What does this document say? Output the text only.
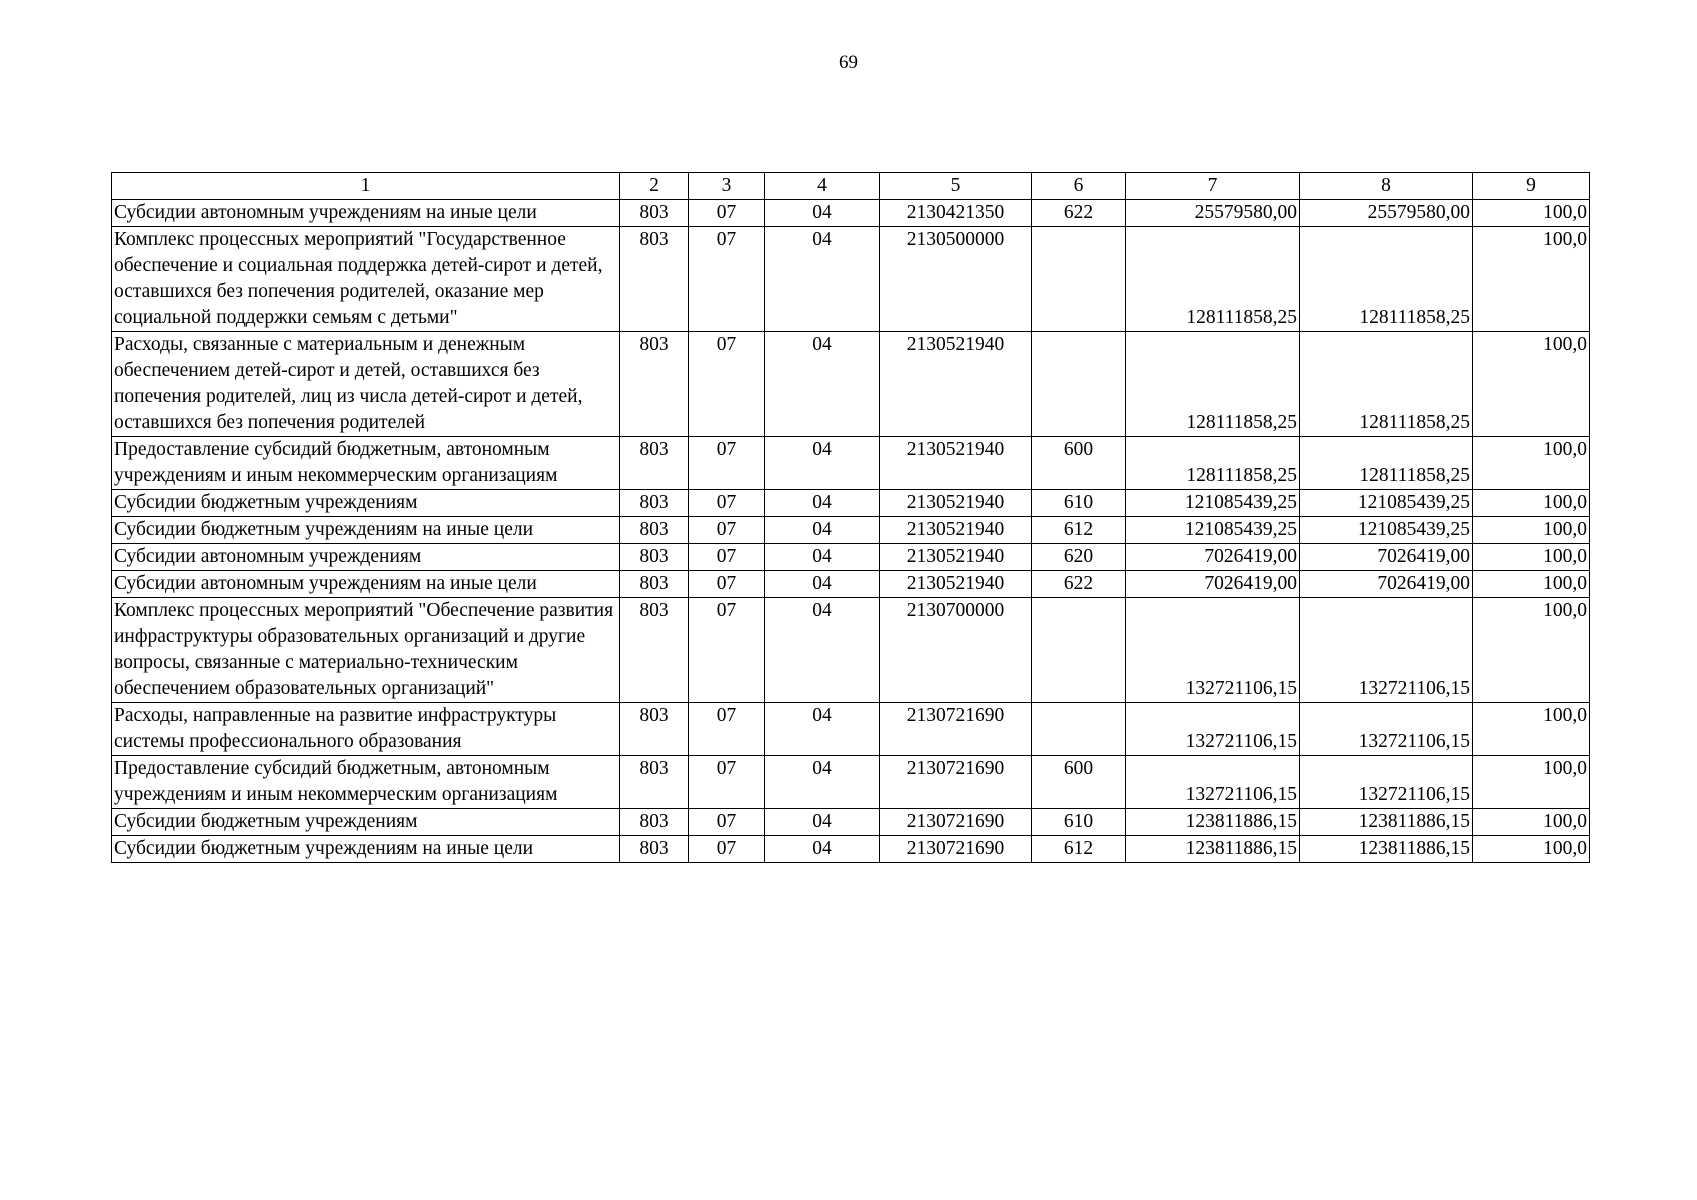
69
1	2	3	4	5	6	7	8	9
Субсидии автономным учреждениям на иные цели	803	07	04	2130421350	622	25579580,00	25579580,00	100,0
Комплекс процессных мероприятий "Государственное обеспечение и социальная поддержка детей-сирот и детей, оставшихся без попечения родителей, оказание мер социальной поддержки семьям с детьми"	803	07	04	2130500000		128111858,25	128111858,25	100,0
Расходы, связанные с материальным и денежным обеспечением детей-сирот и детей, оставшихся без попечения родителей, лиц из числа детей-сирот и детей, оставшихся без попечения родителей	803	07	04	2130521940		128111858,25	128111858,25	100,0
Предоставление субсидий бюджетным, автономным учреждениям и иным некоммерческим организациям	803	07	04	2130521940	600	128111858,25	128111858,25	100,0
Субсидии бюджетным учреждениям	803	07	04	2130521940	610	121085439,25	121085439,25	100,0
Субсидии бюджетным учреждениям на иные цели	803	07	04	2130521940	612	121085439,25	121085439,25	100,0
Субсидии автономным учреждениям	803	07	04	2130521940	620	7026419,00	7026419,00	100,0
Субсидии автономным учреждениям на иные цели	803	07	04	2130521940	622	7026419,00	7026419,00	100,0
Комплекс процессных мероприятий "Обеспечение развития инфраструктуры образовательных организаций и другие вопросы, связанные с материально-техническим обеспечением образовательных организаций"	803	07	04	2130700000		132721106,15	132721106,15	100,0
Расходы, направленные на развитие инфраструктуры системы профессионального образования	803	07	04	2130721690		132721106,15	132721106,15	100,0
Предоставление субсидий бюджетным, автономным учреждениям и иным некоммерческим организациям	803	07	04	2130721690	600	132721106,15	132721106,15	100,0
Субсидии бюджетным учреждениям	803	07	04	2130721690	610	123811886,15	123811886,15	100,0
Субсидии бюджетным учреждениям на иные цели	803	07	04	2130721690	612	123811886,15	123811886,15	100,0
